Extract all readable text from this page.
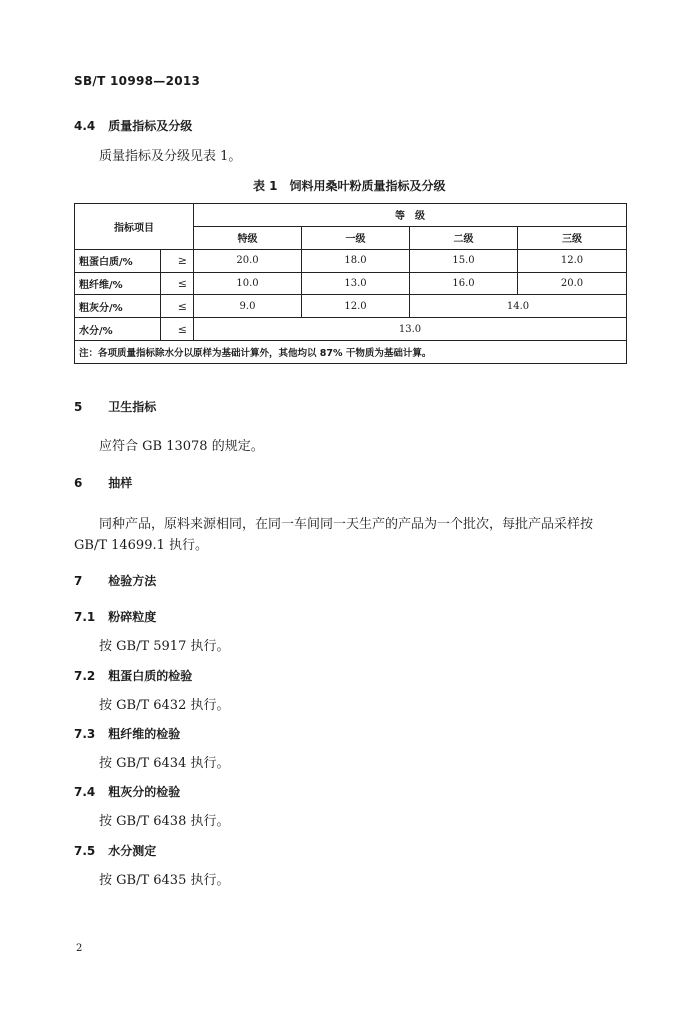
SB/T 10998—2013
4.4 质量指标及分级
质量指标及分级见表 1。
表 1　饲料用桑叶粉质量指标及分级
指标项目		等　级			
		特级	一级	二级	三级
粗蛋白质/%	≥	20.0	18.0	15.0	12.0
粗纤维/%	≤	10.0	13.0	16.0	20.0
粗灰分/%	≤	9.0	12.0	14.0	
水分/%	≤	13.0			
注：各项质量指标除水分以原样为基础计算外，其他均以 87% 干物质为基础计算。					
5 卫生指标
应符合 GB 13078 的规定。
6 抽样
同种产品，原料来源相同，在同一车间同一天生产的产品为一个批次，每批产品采样按
GB/T 14699.1 执行。
7 检验方法
7.1 粉碎粒度
按 GB/T 5917 执行。
7.2 粗蛋白质的检验
按 GB/T 6432 执行。
7.3 粗纤维的检验
按 GB/T 6434 执行。
7.4 粗灰分的检验
按 GB/T 6438 执行。
7.5 水分测定
按 GB/T 6435 执行。
2
